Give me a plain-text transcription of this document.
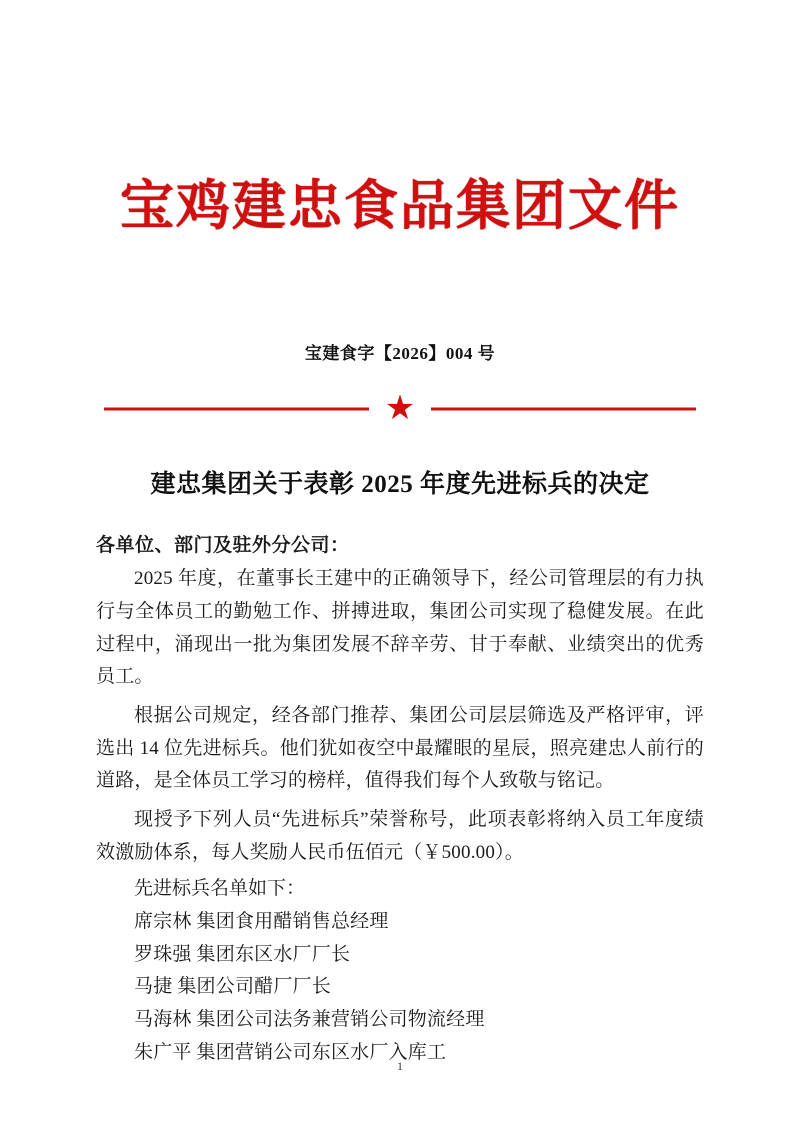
宝鸡建忠食品集团文件
宝建食字【2026】004 号
★
建忠集团关于表彰 2025 年度先进标兵的决定
各单位、部门及驻外分公司：

2025 年度，在董事长王建中的正确领导下，经公司管理层的有力执行与全体员工的勤勉工作、拼搏进取，集团公司实现了稳健发展。在此过程中，涌现出一批为集团发展不辞辛劳、甘于奉献、业绩突出的优秀员工。

根据公司规定，经各部门推荐、集团公司层层筛选及严格评审，评选出 14 位先进标兵。他们犹如夜空中最耀眼的星辰，照亮建忠人前行的道路，是全体员工学习的榜样，值得我们每个人致敬与铭记。

现授予下列人员“先进标兵”荣誉称号，此项表彰将纳入员工年度绩效激励体系，每人奖励人民币伍佰元（￥500.00）。

先进标兵名单如下：
席宗林 集团食用醋销售总经理
罗珠强 集团东区水厂厂长
马捷 集团公司醋厂厂长
马海林 集团公司法务兼营销公司物流经理
朱广平 集团营销公司东区水厂入库工
1
